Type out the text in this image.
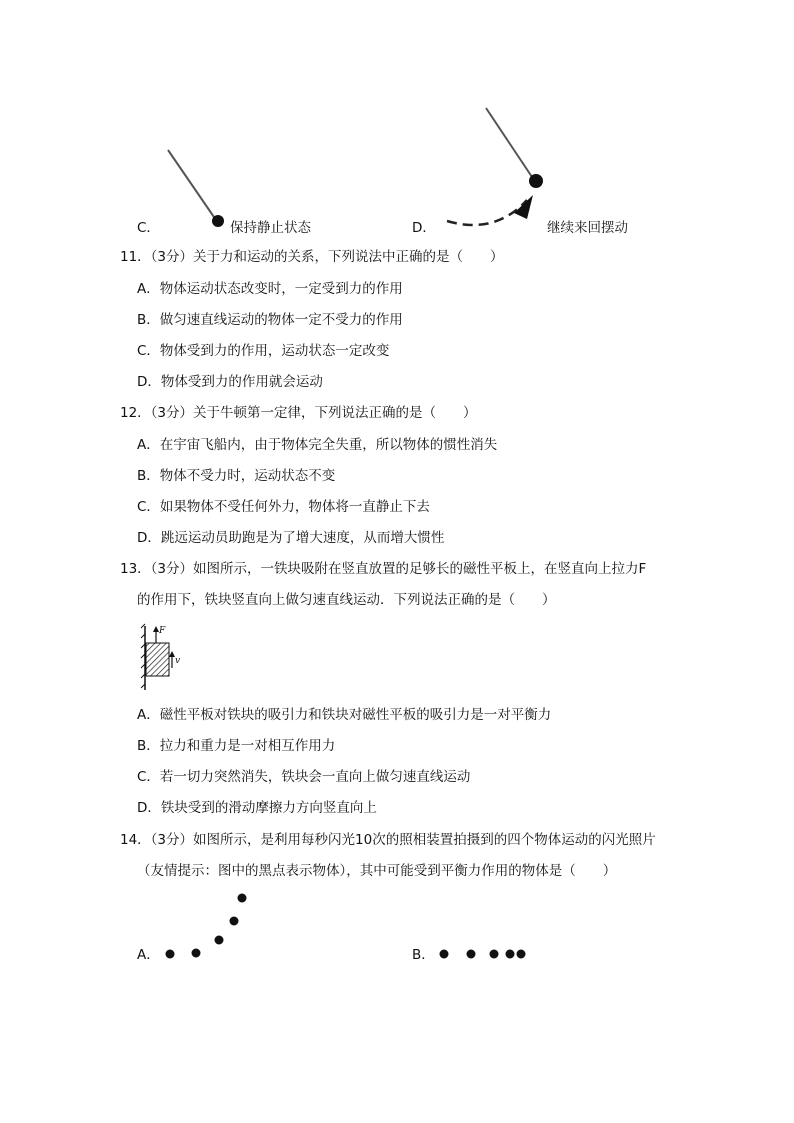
C．	保持静止状态	D．	继续来回摆动
11．（3分）关于力和运动的关系，下列说法中正确的是（　　）
A．物体运动状态改变时，一定受到力的作用
B．做匀速直线运动的物体一定不受力的作用
C．物体受到力的作用，运动状态一定改变
D．物体受到力的作用就会运动
12．（3分）关于牛顿第一定律，下列说法正确的是（　　）
A．在宇宙飞船内，由于物体完全失重，所以物体的惯性消失
B．物体不受力时，运动状态不变
C．如果物体不受任何外力，物体将一直静止下去
D．跳远运动员助跑是为了增大速度，从而增大惯性
13．（3分）如图所示，一铁块吸附在竖直放置的足够长的磁性平板上，在竖直向上拉力F
的作用下，铁块竖直向上做匀速直线运动．下列说法正确的是（　　）
F
v
A．磁性平板对铁块的吸引力和铁块对磁性平板的吸引力是一对平衡力
B．拉力和重力是一对相互作用力
C．若一切力突然消失，铁块会一直向上做匀速直线运动
D．铁块受到的滑动摩擦力方向竖直向上
14．（3分）如图所示，是利用每秒闪光10次的照相装置拍摄到的四个物体运动的闪光照片
（友情提示：图中的黑点表示物体），其中可能受到平衡力作用的物体是（　　）
A．	B．
